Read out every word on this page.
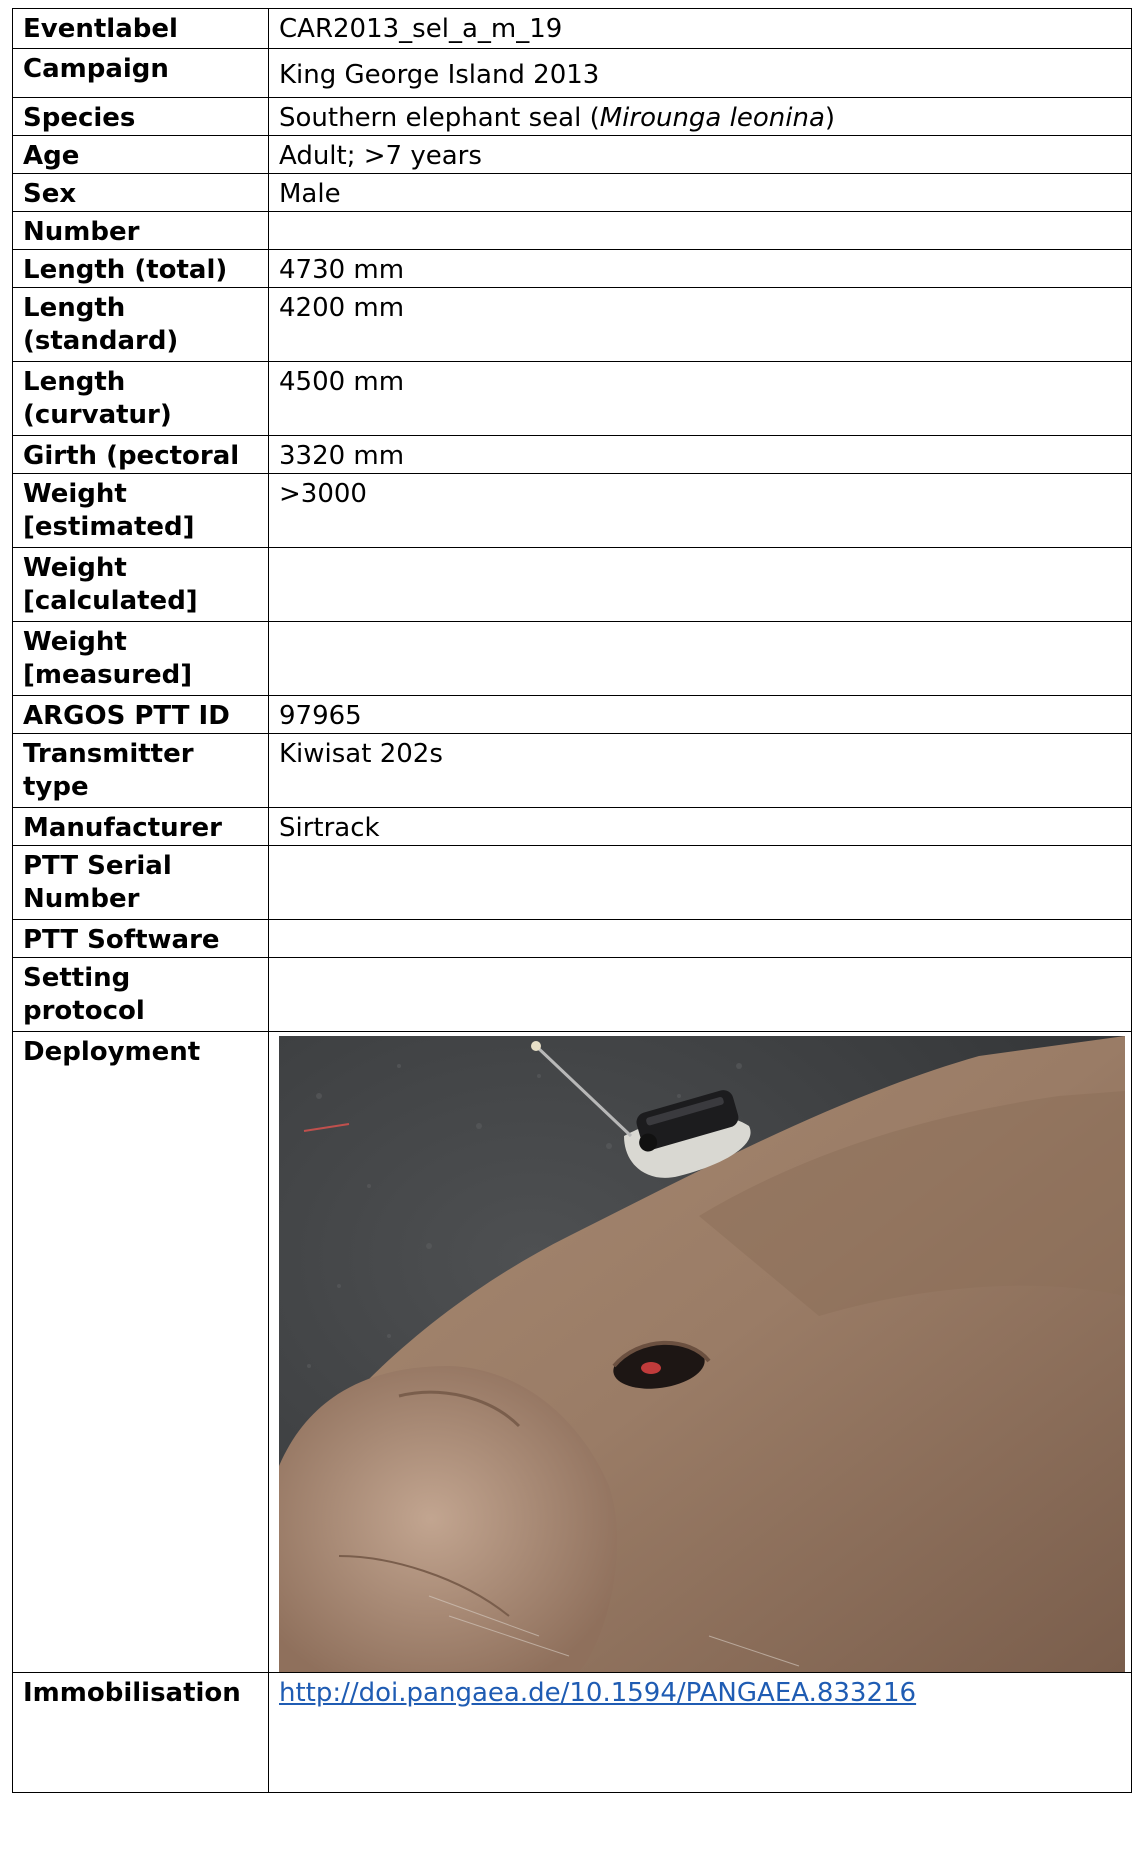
Eventlabel	CAR2013_sel_a_m_19
Campaign	King George Island 2013
Species	Southern elephant seal (Mirounga leonina)
Age	Adult; >7 years
Sex	Male
Number	
Length (total)	4730 mm
Length (standard)	4200 mm
Length (curvatur)	4500 mm
Girth (pectoral	3320 mm
Weight [estimated]	>3000
Weight [calculated]	
Weight [measured]	
ARGOS PTT ID	97965
Transmitter type	Kiwisat 202s
Manufacturer	Sirtrack
PTT Serial Number	
PTT Software	
Setting protocol	
Deployment	

Immobilisation	http://doi.pangaea.de/10.1594/PANGAEA.833216
